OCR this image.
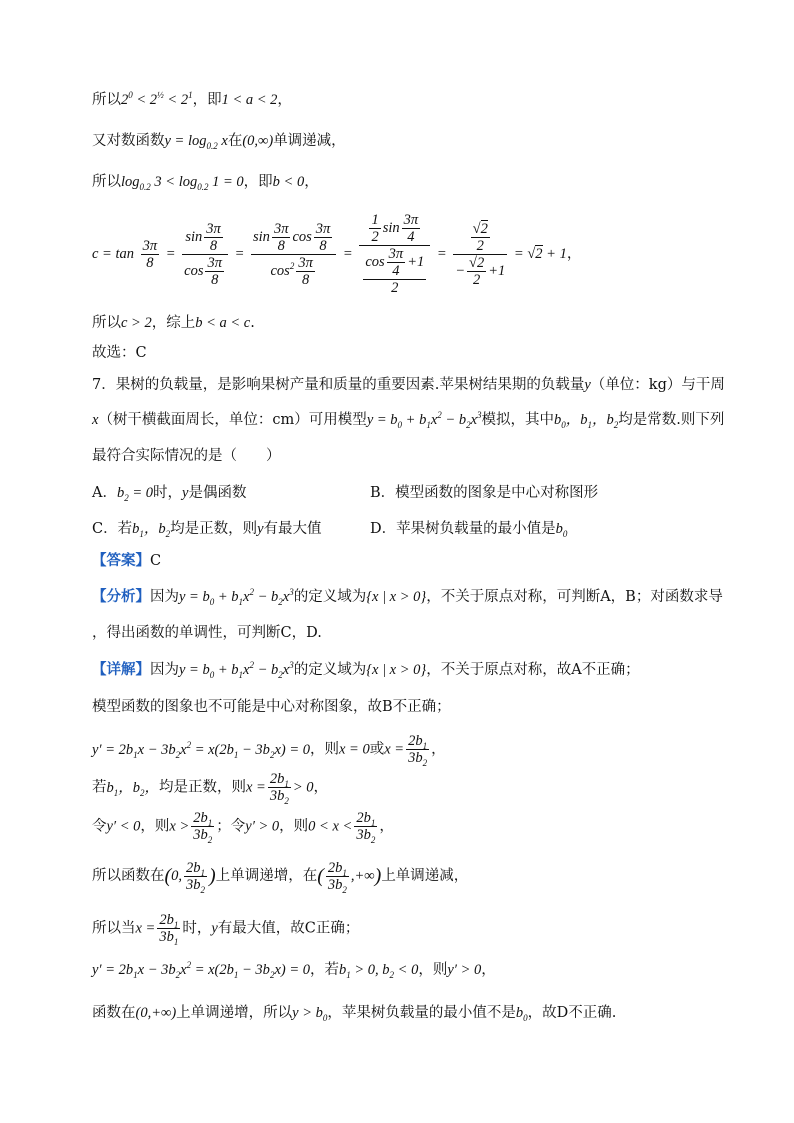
所以$2^0 < 2^{\frac{1}{2}} < 2^1$，即1 < a < 2，
又对数函数$y = \log_{0.2} x$在(0,∞)单调递减，
所以$\log_{0.2} 3 < \log_{0.2} 1 = 0$，即b < 0，
$c = \tan \frac{3\pi}{8} = \frac{\sin \frac{3\pi}{8}}{\cos \frac{3\pi}{8}} = \frac{\sin \frac{3\pi}{8} \cos \frac{3\pi}{8}}{\cos^2 \frac{3\pi}{8}} = \frac{\frac{1}{2} \sin \frac{3\pi}{4}}{\frac{\cos \frac{3\pi}{4} +1}{2}} = \frac{\frac{√2}{2}}{- \frac{√2}{2} +1} = √2 + 1$，
所以c > 2，综上b < a < c.
故选：C
7．果树的负载量，是影响果树产量和质量的重要因素.苹果树结果期的负载量y（单位：kg）与干周
x（树干横截面周长，单位：cm）可用模型$y = b_0 + b_1x^2 - b_2x^3$模拟，其中$b_0$，$b_1$，$b_2$均是常数.则下列
最符合实际情况的是（　　）
A．$b_2 = 0$时，y是偶函数	B．模型函数的图象是中心对称图形
C．若$b_1$，$b_2$均是正数，则y有最大值	D．苹果树负载量的最小值是$b_0$
【答案】C
【分析】因为$y = b_0 + b_1x^2 - b_2x^3$的定义域为{x | x > 0}，不关于原点对称，可判断A，B；对函数求导
，得出函数的单调性，可判断C，D.
【详解】因为$y = b_0 + b_1x^2 - b_2x^3$的定义域为{x | x > 0}，不关于原点对称，故A不正确；
模型函数的图象也不可能是中心对称图象，故B不正确；
$y' = 2b_1x - 3b_2x^2 = x(2b_1 - 3b_2x) = 0$，则x = 0或$x = \frac{2b_1}{3b_2}$ ，
若$b_1$，$b_2$，均是正数，则$x = \frac{2b_1}{3b_2} > 0$，
令y′ < 0，则$x > \frac{2b_1}{3b_2}$ ；令y′ > 0，则$0 < x < \frac{2b_1}{3b_2}$ ，
所以函数在(0, $\frac{2b_1}{3b_2}$ )上单调递增，在( $\frac{2b_1}{3b_2}$ ,+∞)上单调递减，
所以当$x = \frac{2b_1}{3b_1}$ 时，y有最大值，故C正确；
$y' = 2b_1x - 3b_2x^2 = x(2b_1 - 3b_2x) = 0$，若$b_1 > 0$, $b_2 < 0$，则y′ > 0，
函数在(0,+∞)上单调递增，所以$y > b_0$，苹果树负载量的最小值不是$b_0$，故D不正确.
